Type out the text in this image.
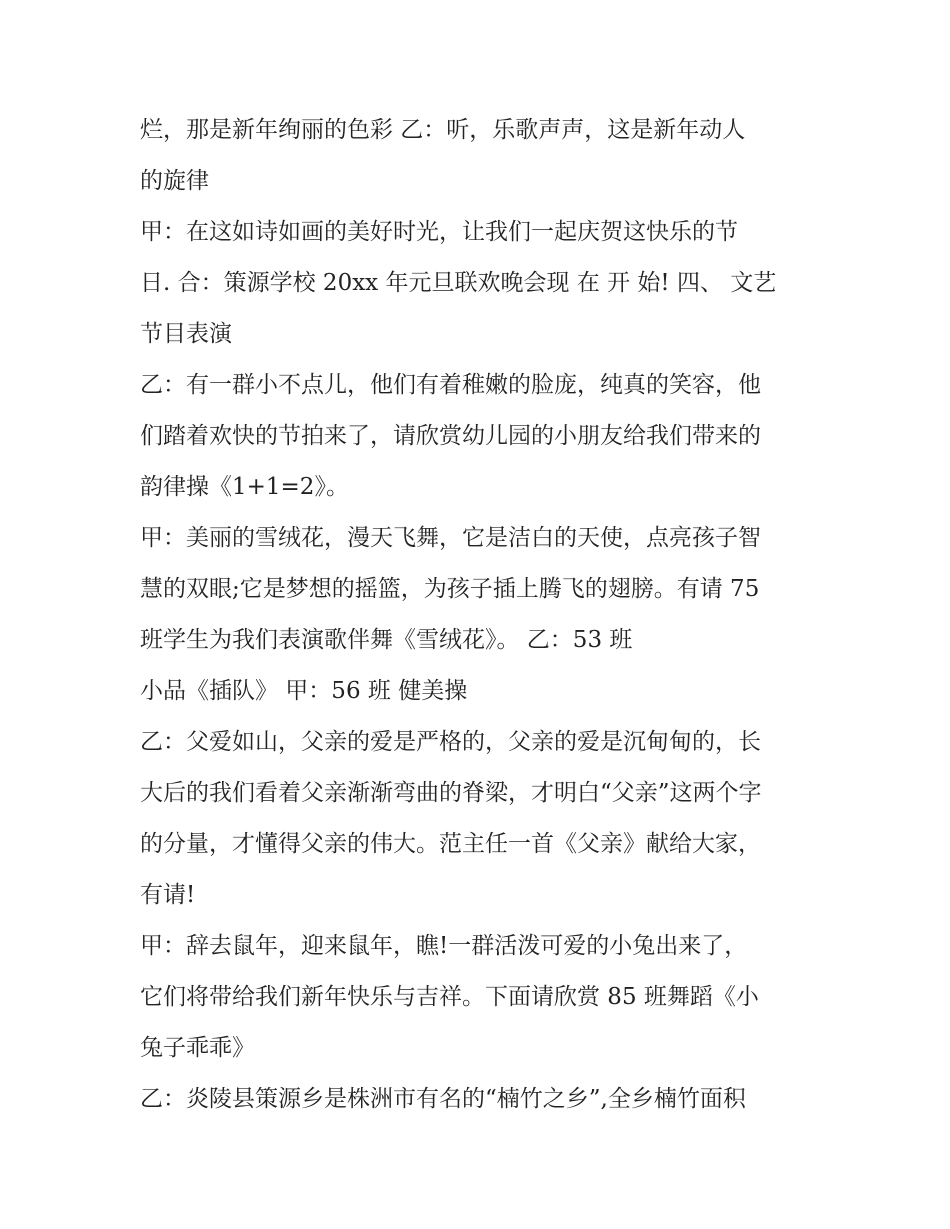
烂，那是新年绚丽的色彩 乙：听，乐歌声声，这是新年动人
的旋律
甲：在这如诗如画的美好时光，让我们一起庆贺这快乐的节
日. 合：策源学校 20xx 年元旦联欢晚会现 在 开 始! 四、 文艺
节目表演
乙：有一群小不点儿，他们有着稚嫩的脸庞，纯真的笑容，他
们踏着欢快的节拍来了，请欣赏幼儿园的小朋友给我们带来的
韵律操《1+1=2》。
甲：美丽的雪绒花，漫天飞舞，它是洁白的天使，点亮孩子智
慧的双眼;它是梦想的摇篮，为孩子插上腾飞的翅膀。有请 75
班学生为我们表演歌伴舞《雪绒花》。 乙：53 班
小品《插队》 甲：56 班 健美操
乙：父爱如山，父亲的爱是严格的，父亲的爱是沉甸甸的，长
大后的我们看着父亲渐渐弯曲的脊梁，才明白“父亲”这两个字
的分量，才懂得父亲的伟大。范主任一首《父亲》献给大家，
有请!
甲：辞去鼠年，迎来鼠年，瞧!一群活泼可爱的小兔出来了，
它们将带给我们新年快乐与吉祥。下面请欣赏 85 班舞蹈《小
兔子乖乖》
乙：炎陵县策源乡是株洲市有名的“楠竹之乡”,全乡楠竹面积
